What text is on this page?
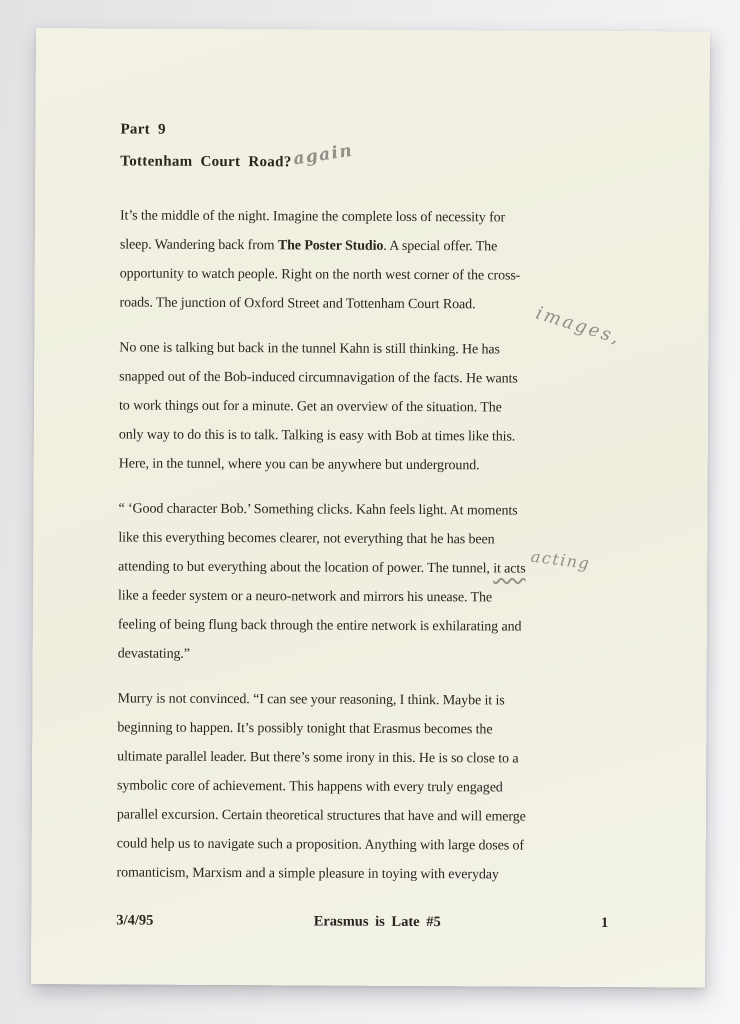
Part 9
Tottenham Court Road?again
It’s the middle of the night. Imagine the complete loss of necessity for
sleep. Wandering back from The Poster Studio. A special offer. The
opportunity to watch people. Right on the north west corner of the cross-
roads. The junction of Oxford Street and Tottenham Court Road.
No one is talking but back in the tunnel Kahn is still thinking. He has
snapped out of the Bob-induced circumnavigation of the facts. He wants
to work things out for a minute. Get an overview of the situation. The
only way to do this is to talk. Talking is easy with Bob at times like this.
Here, in the tunnel, where you can be anywhere but underground.
“ ‘Good character Bob.’ Something clicks. Kahn feels light. At moments
like this everything becomes clearer, not everything that he has been
attending to but everything about the location of power. The tunnel, it acts
like a feeder system or a neuro-network and mirrors his unease. The
feeling of being flung back through the entire network is exhilarating and
devastating.”
Murry is not convinced. “I can see your reasoning, I think. Maybe it is
beginning to happen. It’s possibly tonight that Erasmus becomes the
ultimate parallel leader. But there’s some irony in this. He is so close to a
symbolic core of achievement. This happens with every truly engaged
parallel excursion. Certain theoretical structures that have and will emerge
could help us to navigate such a proposition. Anything with large doses of
romanticism, Marxism and a simple pleasure in toying with everyday
3/4/95	Erasmus is Late #5	1
images,
acting
